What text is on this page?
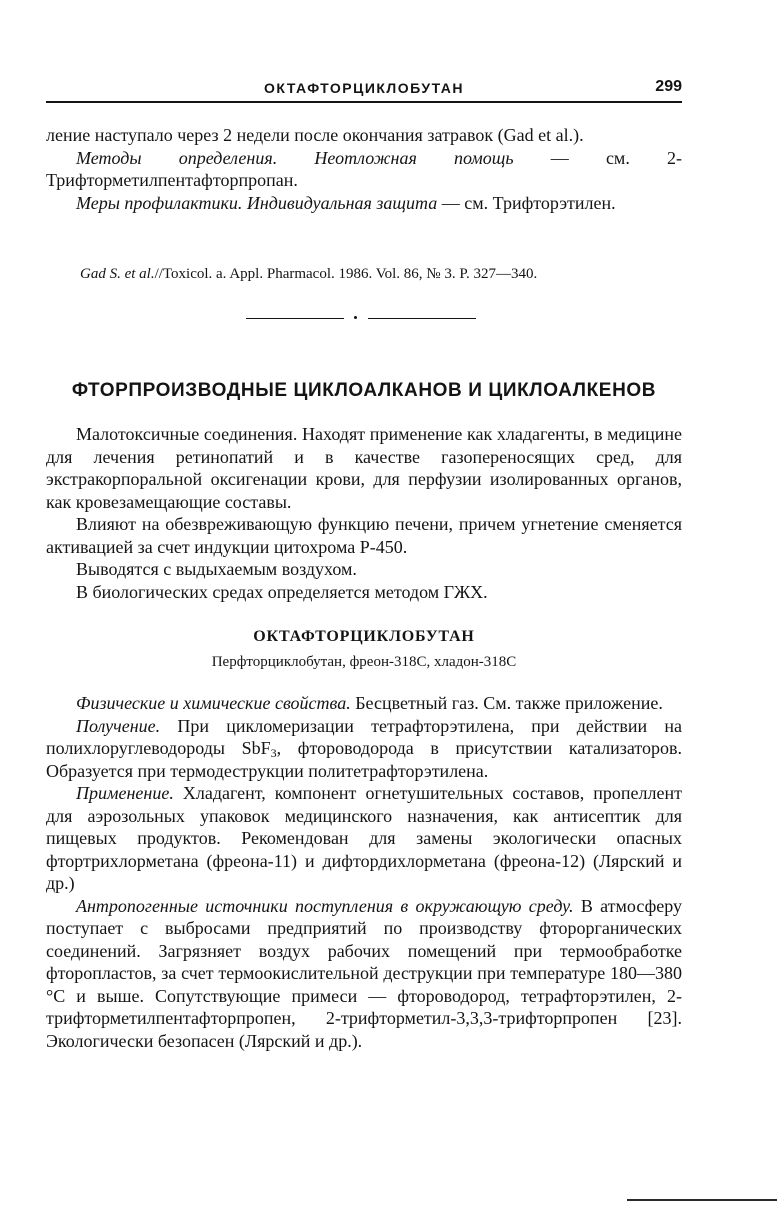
ОКТАФТОРЦИКЛОБУТАН	299

ление наступало через 2 недели после окончания затравок (Gad et al.).

Методы определения. Неотложная помощь — см. 2-Трифторметилпентафторпропан.

Меры профилактики. Индивидуальная защита — см. Трифторэтилен.

Gad S. et al.//Toxicol. a. Appl. Pharmacol. 1986. Vol. 86, № 3. P. 327—340.
ФТОРПРОИЗВОДНЫЕ ЦИКЛОАЛКАНОВ И ЦИКЛОАЛКЕНОВ

Малотоксичные соединения. Находят применение как хладагенты, в медицине для лечения ретинопатий и в качестве газопереносящих сред, для экстракорпоральной оксигенации крови, для перфузии изолированных органов, как кровезамещающие составы.

Влияют на обезвреживающую функцию печени, причем угнетение сменяется активацией за счет индукции цитохрома Р-450.

Выводятся с выдыхаемым воздухом.

В биологических средах определяется методом ГЖХ.

ОКТАФТОРЦИКЛОБУТАН
Перфторциклобутан, фреон-318С, хладон-318С

Физические и химические свойства. Бесцветный газ. См. также приложение.

Получение. При цикломеризации тетрафторэтилена, при действии на полихлоруглеводороды SbF$_3$, фтороводорода в присутствии катализаторов. Образуется при термодеструкции политетрафторэтилена.

Применение. Хладагент, компонент огнетушительных составов, пропеллент для аэрозольных упаковок медицинского назначения, как антисептик для пищевых продуктов. Рекомендован для замены экологически опасных фтортрихлорметана (фреона-11) и дифтордихлорметана (фреона-12) (Лярский и др.)

Антропогенные источники поступления в окружающую среду. В атмосферу поступает с выбросами предприятий по производству фторорганических соединений. Загрязняет воздух рабочих помещений при термообработке фторопластов, за счет термоокислительной деструкции при температуре 180—380 °С и выше. Сопутствующие примеси — фтороводород, тетрафторэтилен, 2-трифторметилпентафторпропен, 2-трифторметил-3,3,3-трифторпропен [23]. Экологически безопасен (Лярский и др.).
